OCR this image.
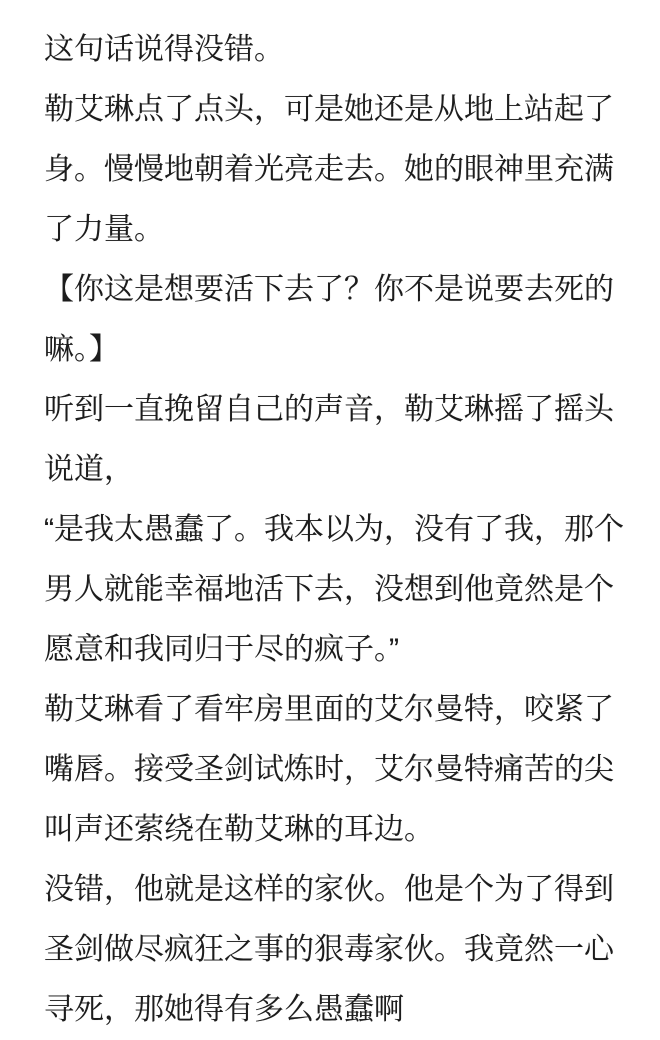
这句话说得没错。

勒艾琳点了点头，可是她还是从地上站起了身。慢慢地朝着光亮走去。她的眼神里充满了力量。

【你这是想要活下去了？你不是说要去死的嘛。】

听到一直挽留自己的声音，勒艾琳摇了摇头说道，

“是我太愚蠢了。我本以为，没有了我，那个男人就能幸福地活下去，没想到他竟然是个愿意和我同归于尽的疯子。”

勒艾琳看了看牢房里面的艾尔曼特，咬紧了嘴唇。接受圣剑试炼时，艾尔曼特痛苦的尖叫声还萦绕在勒艾琳的耳边。

没错，他就是这样的家伙。他是个为了得到圣剑做尽疯狂之事的狠毒家伙。我竟然一心寻死，那她得有多么愚蠢啊
